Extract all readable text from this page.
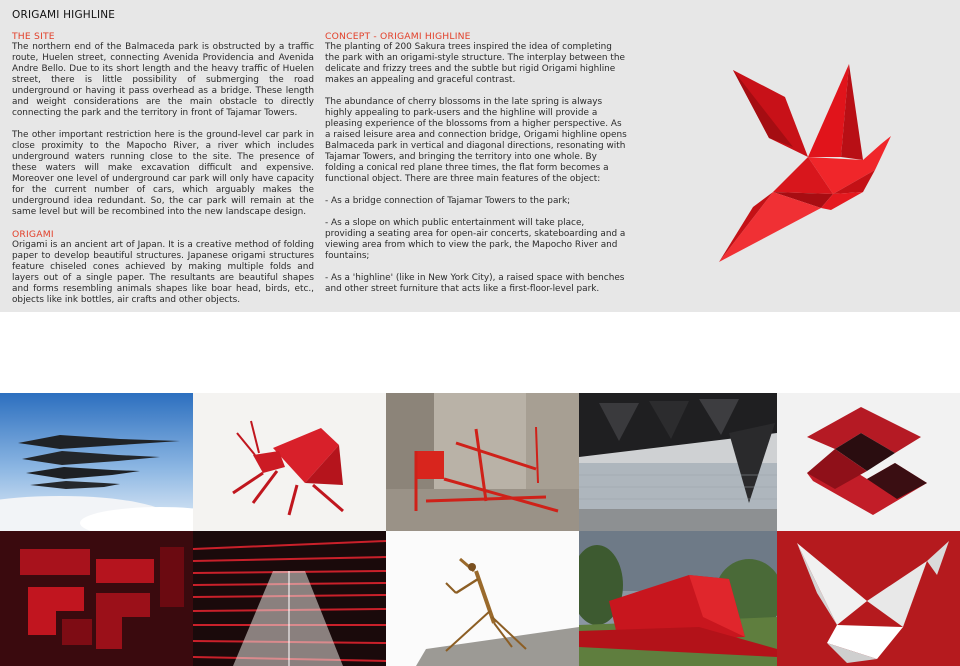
ORIGAMI HIGHLINE
THE SITE

The northern end of the Balmaceda park is obstructed by a traffic route, Huelen street, connecting Avenida Providencia and Avenida Andre Bello. Due to its short length and the heavy traffic of Huelen street, there is little possibility of submerging the road underground or having it pass overhead as a bridge. These length and weight considerations are the main obstacle to directly connecting the park and the territory in front of Tajamar Towers.

The other important restriction here is the ground-level car park in close proximity to the Mapocho River, a river which includes underground waters running close to the site. The presence of these waters will make excavation difficult and expensive. Moreover one level of underground car park will only have capacity for the current number of cars, which arguably makes the underground idea redundant. So, the car park will remain at the same level but will be recombined into the new landscape design.

ORIGAMI

Origami is an ancient art of Japan. It is a creative method of folding paper to develop beautiful structures. Japanese origami structures feature chiseled cones achieved by making multiple folds and layers out of a single paper. The resultants are beautiful shapes and forms resembling animals shapes like boar head, birds, etc., objects like ink bottles, air crafts and other objects.

CONCEPT - ORIGAMI HIGHLINE

The planting of 200 Sakura trees inspired the idea of completing the park with an origami-style structure. The interplay between the delicate and frizzy trees and the subtle but rigid Origami highline makes an appealing and graceful contrast.

The abundance of cherry blossoms in the late spring is always highly appealing to park-users and the highline will provide a pleasing experience of the blossoms from a higher perspective. As a raised leisure area and connection bridge, Origami highline opens Balmaceda park in vertical and diagonal directions, resonating with Tajamar Towers, and bringing the territory into one whole. By folding a conical red plane three times, the flat form becomes a functional object. There are three main features of the object:

- As a bridge connection of Tajamar Towers to the park;

- As a slope on which public entertainment will take place, providing a seating area for open-air concerts, skateboarding and a viewing area from which to view the park, the Mapocho River and fountains;

- As a 'highline' (like in New York City), a raised space with benches and other street furniture that acts like a first-floor-level park.
